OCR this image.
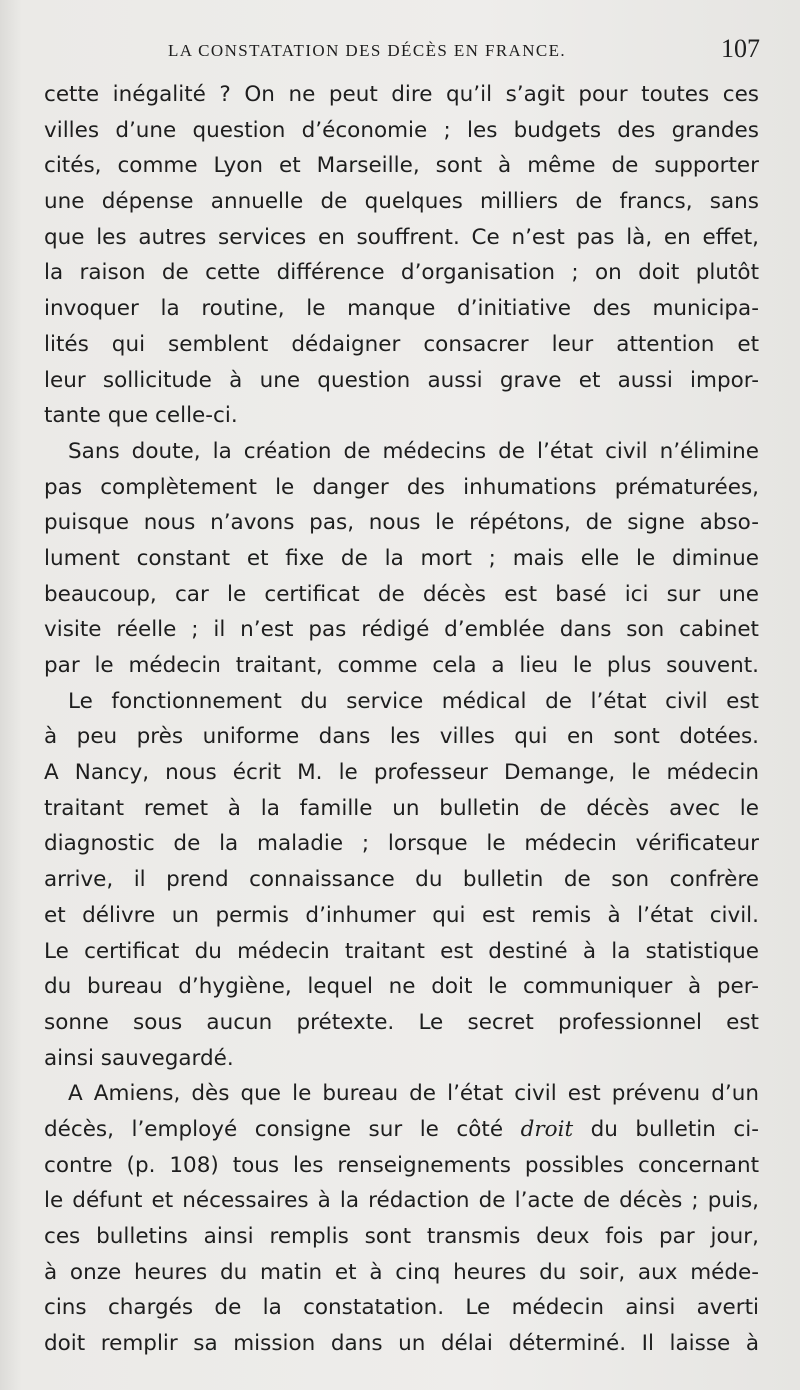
LA CONSTATATION DES DÉCÈS EN FRANCE.	107
cette inégalité ? On ne peut dire qu’il s’agit pour toutes ces
villes d’une question d’économie ; les budgets des grandes
cités, comme Lyon et Marseille, sont à même de supporter
une dépense annuelle de quelques milliers de francs, sans
que les autres services en souffrent. Ce n’est pas là, en effet,
la raison de cette différence d’organisation ; on doit plutôt
invoquer la routine, le manque d’initiative des municipa-
lités qui semblent dédaigner consacrer leur attention et
leur sollicitude à une question aussi grave et aussi impor-
tante que celle-ci.
Sans doute, la création de médecins de l’état civil n’élimine
pas complètement le danger des inhumations prématurées,
puisque nous n’avons pas, nous le répétons, de signe abso-
lument constant et fixe de la mort ; mais elle le diminue
beaucoup, car le certificat de décès est basé ici sur une
visite réelle ; il n’est pas rédigé d’emblée dans son cabinet
par le médecin traitant, comme cela a lieu le plus souvent.
Le fonctionnement du service médical de l’état civil est
à peu près uniforme dans les villes qui en sont dotées.
A Nancy, nous écrit M. le professeur Demange, le médecin
traitant remet à la famille un bulletin de décès avec le
diagnostic de la maladie ; lorsque le médecin vérificateur
arrive, il prend connaissance du bulletin de son confrère
et délivre un permis d’inhumer qui est remis à l’état civil.
Le certificat du médecin traitant est destiné à la statistique
du bureau d’hygiène, lequel ne doit le communiquer à per-
sonne sous aucun prétexte. Le secret professionnel est
ainsi sauvegardé.
A Amiens, dès que le bureau de l’état civil est prévenu d’un
décès, l’employé consigne sur le côté droit du bulletin ci-
contre (p. 108) tous les renseignements possibles concernant
le défunt et nécessaires à la rédaction de l’acte de décès ; puis,
ces bulletins ainsi remplis sont transmis deux fois par jour,
à onze heures du matin et à cinq heures du soir, aux méde-
cins chargés de la constatation. Le médecin ainsi averti
doit remplir sa mission dans un délai déterminé. Il laisse à
